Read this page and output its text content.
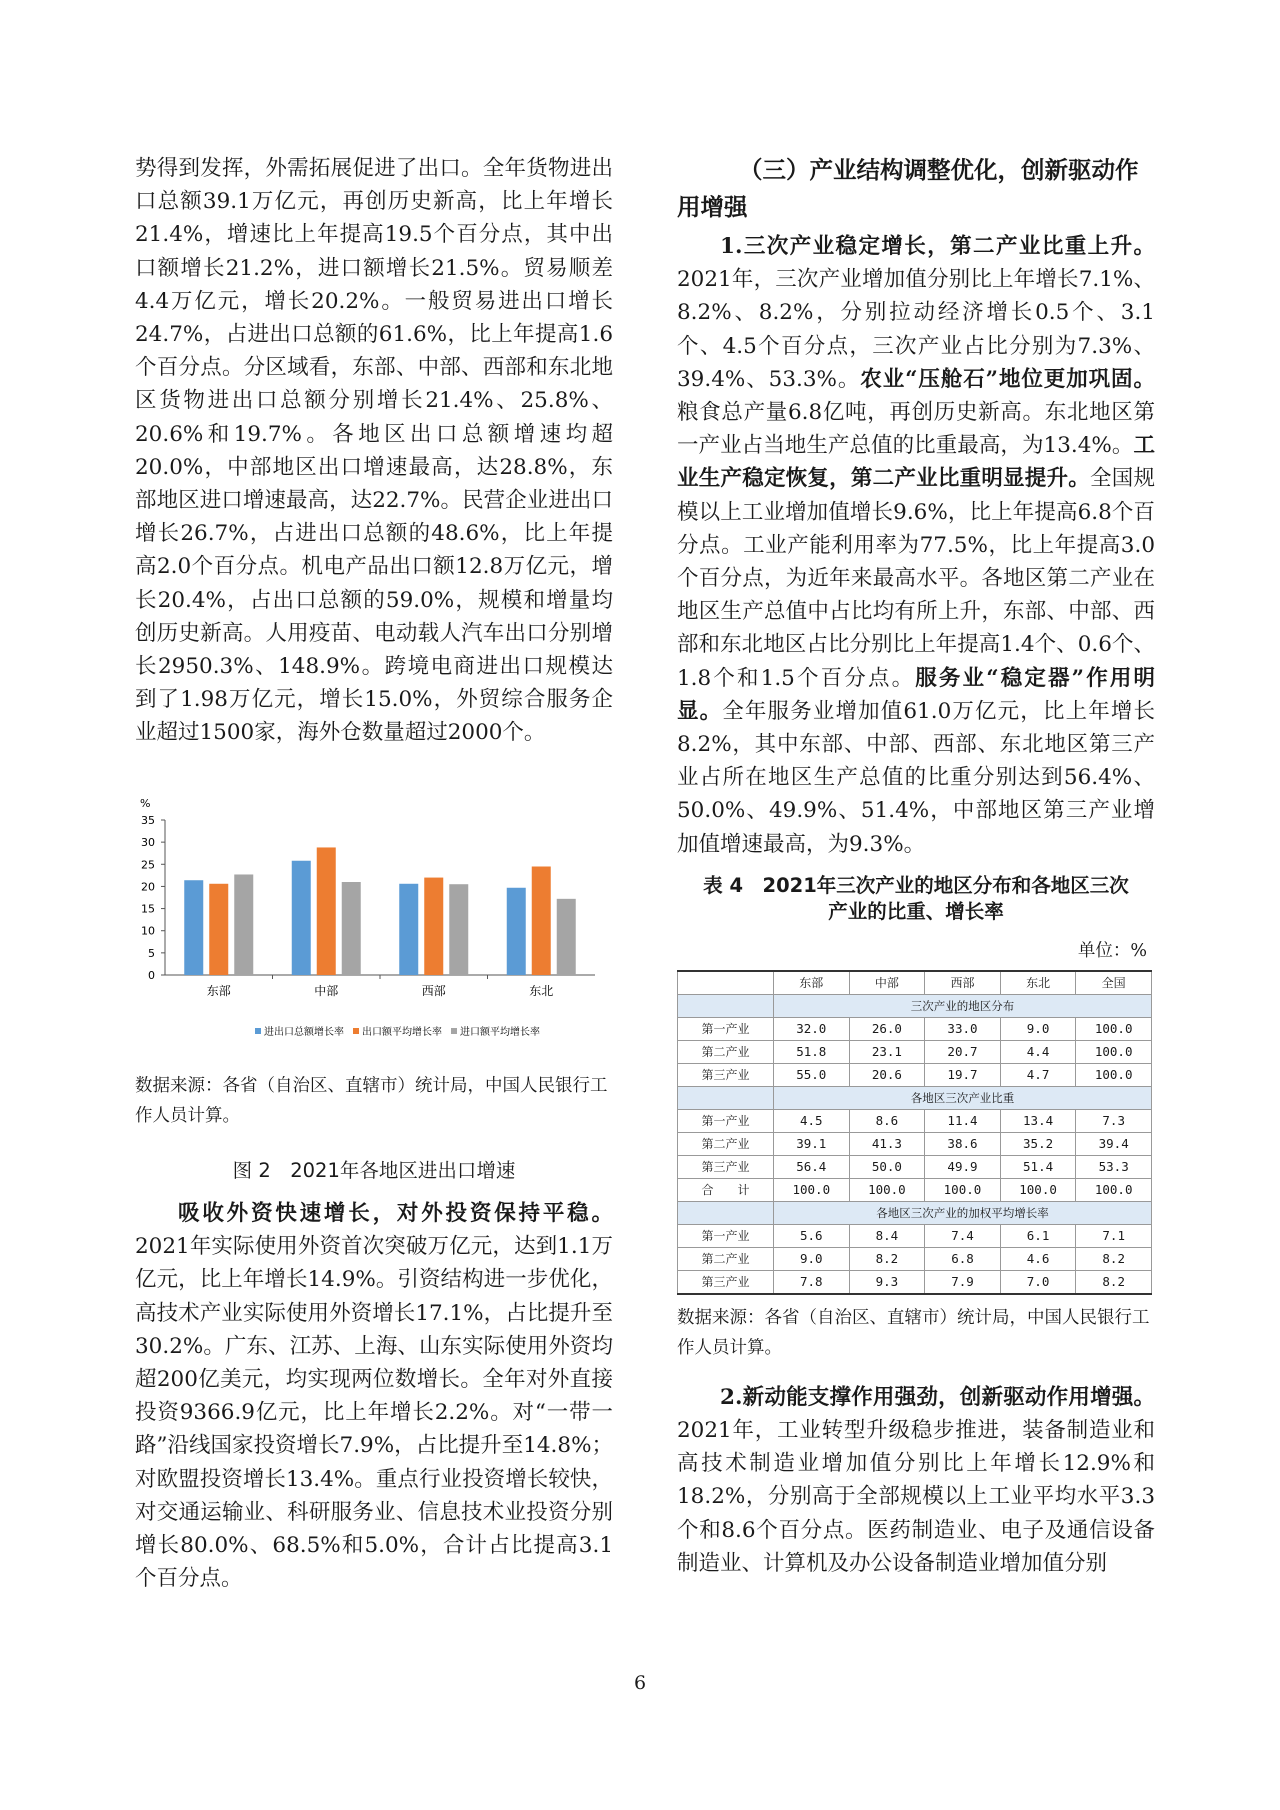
势得到发挥，外需拓展促进了出口。全年货物进出口总额39.1万亿元，再创历史新高，比上年增长21.4%，增速比上年提高19.5个百分点，其中出口额增长21.2%，进口额增长21.5%。贸易顺差4.4万亿元，增长20.2%。一般贸易进出口增长24.7%，占进出口总额的61.6%，比上年提高1.6个百分点。分区域看，东部、中部、西部和东北地区货物进出口总额分别增长21.4%、25.8%、20.6%和19.7%。各地区出口总额增速均超20.0%，中部地区出口增速最高，达28.8%，东部地区进口增速最高，达22.7%。民营企业进出口增长26.7%，占进出口总额的48.6%，比上年提高2.0个百分点。机电产品出口额12.8万亿元，增长20.4%，占出口总额的59.0%，规模和增量均创历史新高。人用疫苗、电动载人汽车出口分别增长2950.3%、148.9%。跨境电商进出口规模达到了1.98万亿元，增长15.0%，外贸综合服务企业超过1500家，海外仓数量超过2000个。

%
0
5
10
15
20
25
30
35
东部	中部	西部	东北
进出口总额增长率 出口额平均增长率 进口额平均增长率

数据来源：各省（自治区、直辖市）统计局，中国人民银行工作人员计算。

图 2　2021年各地区进出口增速

吸收外资快速增长，对外投资保持平稳。2021年实际使用外资首次突破万亿元，达到1.1万亿元，比上年增长14.9%。引资结构进一步优化，高技术产业实际使用外资增长17.1%，占比提升至30.2%。广东、江苏、上海、山东实际使用外资均超200亿美元，均实现两位数增长。全年对外直接投资9366.9亿元，比上年增长2.2%。对“一带一路”沿线国家投资增长7.9%，占比提升至14.8%；对欧盟投资增长13.4%。重点行业投资增长较快，对交通运输业、科研服务业、信息技术业投资分别增长80.0%、68.5%和5.0%，合计占比提高3.1个百分点。

（三）产业结构调整优化，创新驱动作用增强

1.三次产业稳定增长，第二产业比重上升。2021年，三次产业增加值分别比上年增长7.1%、8.2%、8.2%，分别拉动经济增长0.5个、3.1个、4.5个百分点，三次产业占比分别为7.3%、39.4%、53.3%。农业“压舱石”地位更加巩固。粮食总产量6.8亿吨，再创历史新高。东北地区第一产业占当地生产总值的比重最高，为13.4%。工业生产稳定恢复，第二产业比重明显提升。全国规模以上工业增加值增长9.6%，比上年提高6.8个百分点。工业产能利用率为77.5%，比上年提高3.0个百分点，为近年来最高水平。各地区第二产业在地区生产总值中占比均有所上升，东部、中部、西部和东北地区占比分别比上年提高1.4个、0.6个、1.8个和1.5个百分点。服务业“稳定器”作用明显。全年服务业增加值61.0万亿元，比上年增长8.2%，其中东部、中部、西部、东北地区第三产业占所在地区生产总值的比重分别达到56.4%、50.0%、49.9%、51.4%，中部地区第三产业增加值增速最高，为9.3%。

表 4　2021年三次产业的地区分布和各地区三次

产业的比重、增长率

单位：%

	东部	中部	西部	东北	全国
	三次产业的地区分布				
第一产业	32.0	26.0	33.0	9.0	100.0
第二产业	51.8	23.1	20.7	4.4	100.0
第三产业	55.0	20.6	19.7	4.7	100.0
	各地区三次产业比重				
第一产业	4.5	8.6	11.4	13.4	7.3
第二产业	39.1	41.3	38.6	35.2	39.4
第三产业	56.4	50.0	49.9	51.4	53.3
合　　计	100.0	100.0	100.0	100.0	100.0
	各地区三次产业的加权平均增长率				
第一产业	5.6	8.4	7.4	6.1	7.1
第二产业	9.0	8.2	6.8	4.6	8.2
第三产业	7.8	9.3	7.9	7.0	8.2

数据来源：各省（自治区、直辖市）统计局，中国人民银行工作人员计算。

2.新动能支撑作用强劲，创新驱动作用增强。2021年，工业转型升级稳步推进，装备制造业和高技术制造业增加值分别比上年增长12.9%和18.2%，分别高于全部规模以上工业平均水平3.3个和8.6个百分点。医药制造业、电子及通信设备制造业、计算机及办公设备制造业增加值分别

6
